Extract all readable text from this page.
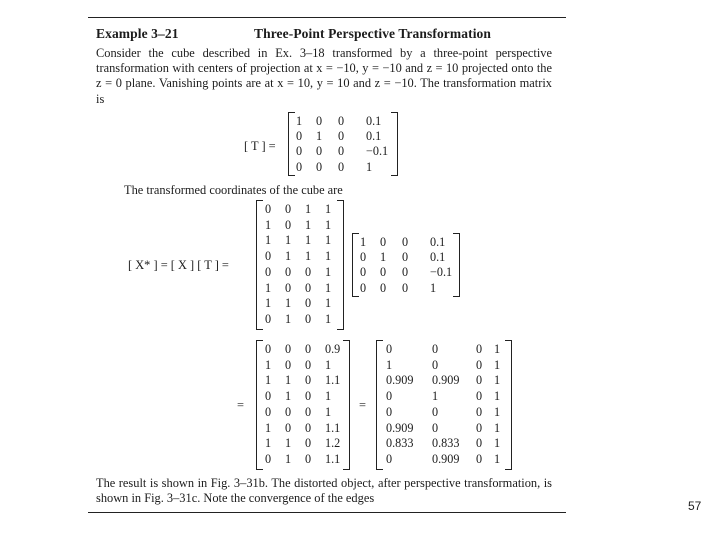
Example 3–21	Three-Point Perspective Transformation
Consider the cube described in Ex. 3–18 transformed by a three-point perspective transformation with centers of projection at x = −10, y = −10 and z = 10 projected onto the z = 0 plane. Vanishing points are at x = 10, y = 10 and z = −10. The transformation matrix is
[ T ] =
1 0 0 0.1
0 1 0 0.1
0 0 0 −0.1
0 0 0 1
The transformed coordinates of the cube are
[ X* ] = [ X ] [ T ] =
0 0 1 1
1 0 1 1
1 1 1 1
0 1 1 1
0 0 0 1
1 0 0 1
1 1 0 1
0 1 0 1
1 0 0 0.1
0 1 0 0.1
0 0 0 −0.1
0 0 0 1
=
0 0 0 0.9
1 0 0 1
1 1 0 1.1
0 1 0 1
0 0 0 1
1 0 0 1.1
1 1 0 1.2
0 1 0 1.1
=
0	0	0 1
1	0	0 1
0.909 0.909 0 1
0	1	0 1
0	0	0 1
0.909 0	0 1
0.833 0.833 0 1
0	0.909 0 1
The result is shown in Fig. 3–31b. The distorted object, after perspective transformation, is shown in Fig. 3–31c. Note the convergence of the edges
57
